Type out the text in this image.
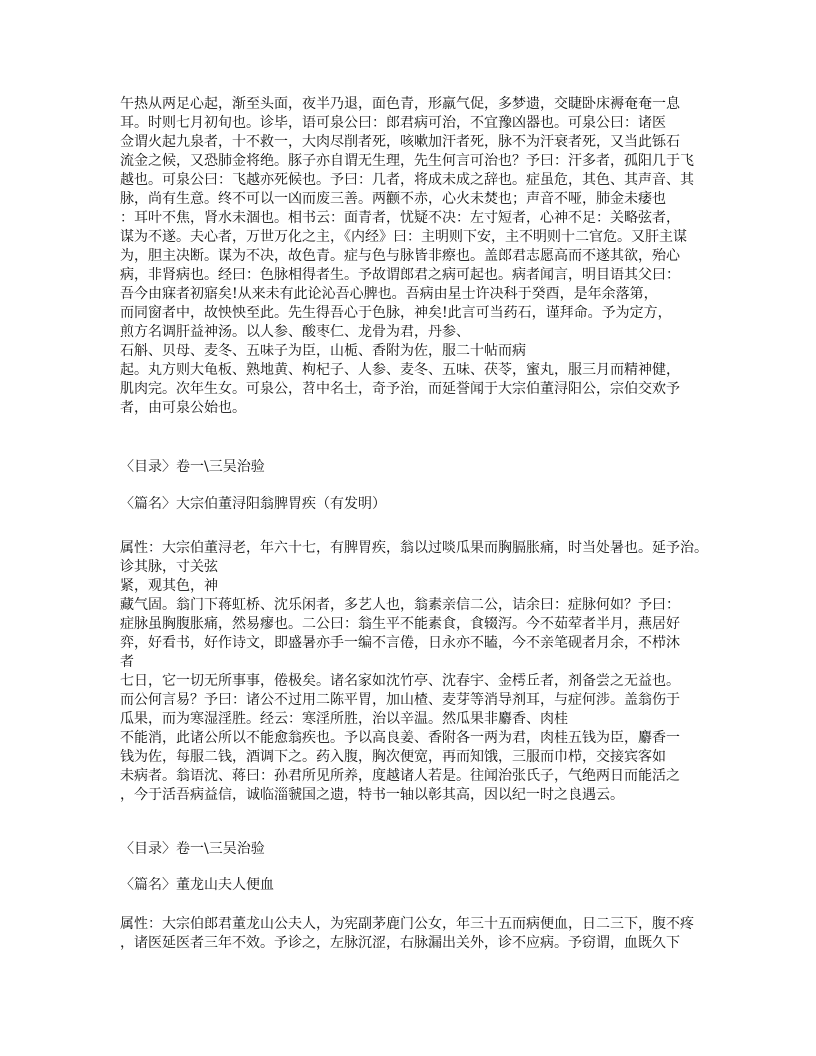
午热从两足心起，渐至头面，夜半乃退，面色青，形羸气促，多梦遗，交睫卧床褥奄奄一息
耳。时则七月初旬也。诊毕，语可泉公曰：郎君病可治，不宜豫凶器也。可泉公曰：诸医
佥谓火起九泉者，十不救一，大肉尽削者死，咳嗽加汗者死，脉不为汗衰者死，又当此铄石
流金之候，又恐肺金将绝。豚子亦自谓无生理，先生何言可治也？予曰：汗多者，孤阳几于飞
越也。可泉公曰：飞越亦死候也。予曰：几者，将成未成之辞也。症虽危，其色、其声音、其
脉，尚有生意。终不可以一凶而废三善。两颧不赤，心火未焚也；声音不哑，肺金未痿也
：耳叶不焦，肾水未涸也。相书云：面青者，忧疑不决：左寸短者，心神不足：关略弦者，
谋为不遂。夫心者，万世万化之主，《内经》曰：主明则下安，主不明则十二官危。又肝主谋
为，胆主决断。谋为不决，故色青。症与色与脉皆非瘵也。盖郎君志愿高而不遂其欲，殆心
病，非肾病也。经曰：色脉相得者生。予故谓郎君之病可起也。病者闻言，明目语其父曰：
吾今由寐者初寤矣!从来未有此论沁吾心脾也。吾病由星士许决科于癸酉，是年余落第，
而同窗者中，故怏怏至此。先生得吾心于色脉，神矣!此言可当药石，谨拜命。予为定方，
煎方名调肝益神汤。以人参、酸枣仁、龙骨为君，丹参、
石斛、贝母、麦冬、五味子为臣，山栀、香附为佐，服二十帖而病
起。丸方则大龟板、熟地黄、枸杞子、人参、麦冬、五味、茯苓，蜜丸，服三月而精神健，
肌肉完。次年生女。可泉公，苕中名士，奇予治，而延誉闻于大宗伯董浔阳公，宗伯交欢予
者，由可泉公始也。
〈目录〉卷一\三吴治验
〈篇名〉大宗伯董浔阳翁脾胃疾（有发明）
属性：大宗伯董浔老，年六十七，有脾胃疾，翁以过啖瓜果而胸膈胀痛，时当处暑也。延予治。
诊其脉，寸关弦
紧，观其色，神
藏气固。翁门下蒋虹桥、沈乐闲者，多艺人也，翁素亲信二公，诘余曰：症脉何如？予曰：
症脉虽胸腹胀痛，然易瘳也。二公曰：翁生平不能素食，食辍泻。今不茹荤者半月，燕居好
弈，好看书，好作诗文，即盛暑亦手一编不言倦，日永亦不瞌，今不亲笔砚者月余，不栉沐
者
七日，它一切无所事事，倦极矣。诸名家如沈竹亭、沈春宇、金樗丘者，剂备尝之无益也。
而公何言易？予曰：诸公不过用二陈平胃，加山楂、麦芽等消导剂耳，与症何涉。盖翁伤于
瓜果，而为寒湿淫胜。经云：寒淫所胜，治以辛温。然瓜果非麝香、肉桂
不能消，此诸公所以不能愈翁疾也。予以高良姜、香附各一两为君，肉桂五钱为臣，麝香一
钱为佐，每服二钱，酒调下之。药入腹，胸次便宽，再而知饿，三服而巾栉，交接宾客如
未病者。翁语沈、蒋曰：孙君所见所养，度越诸人若是。往闻治张氏子，气绝两日而能活之
，今于活吾病益信，诚临淄虢国之遗，特书一轴以彰其高，因以纪一时之良遇云。
〈目录〉卷一\三吴治验
〈篇名〉董龙山夫人便血
属性：大宗伯郎君董龙山公夫人，为宪副茅鹿门公女，年三十五而病便血，日二三下，腹不疼
，诸医延医者三年不效。予诊之，左脉沉涩，右脉漏出关外，诊不应病。予窃谓，血既久下
